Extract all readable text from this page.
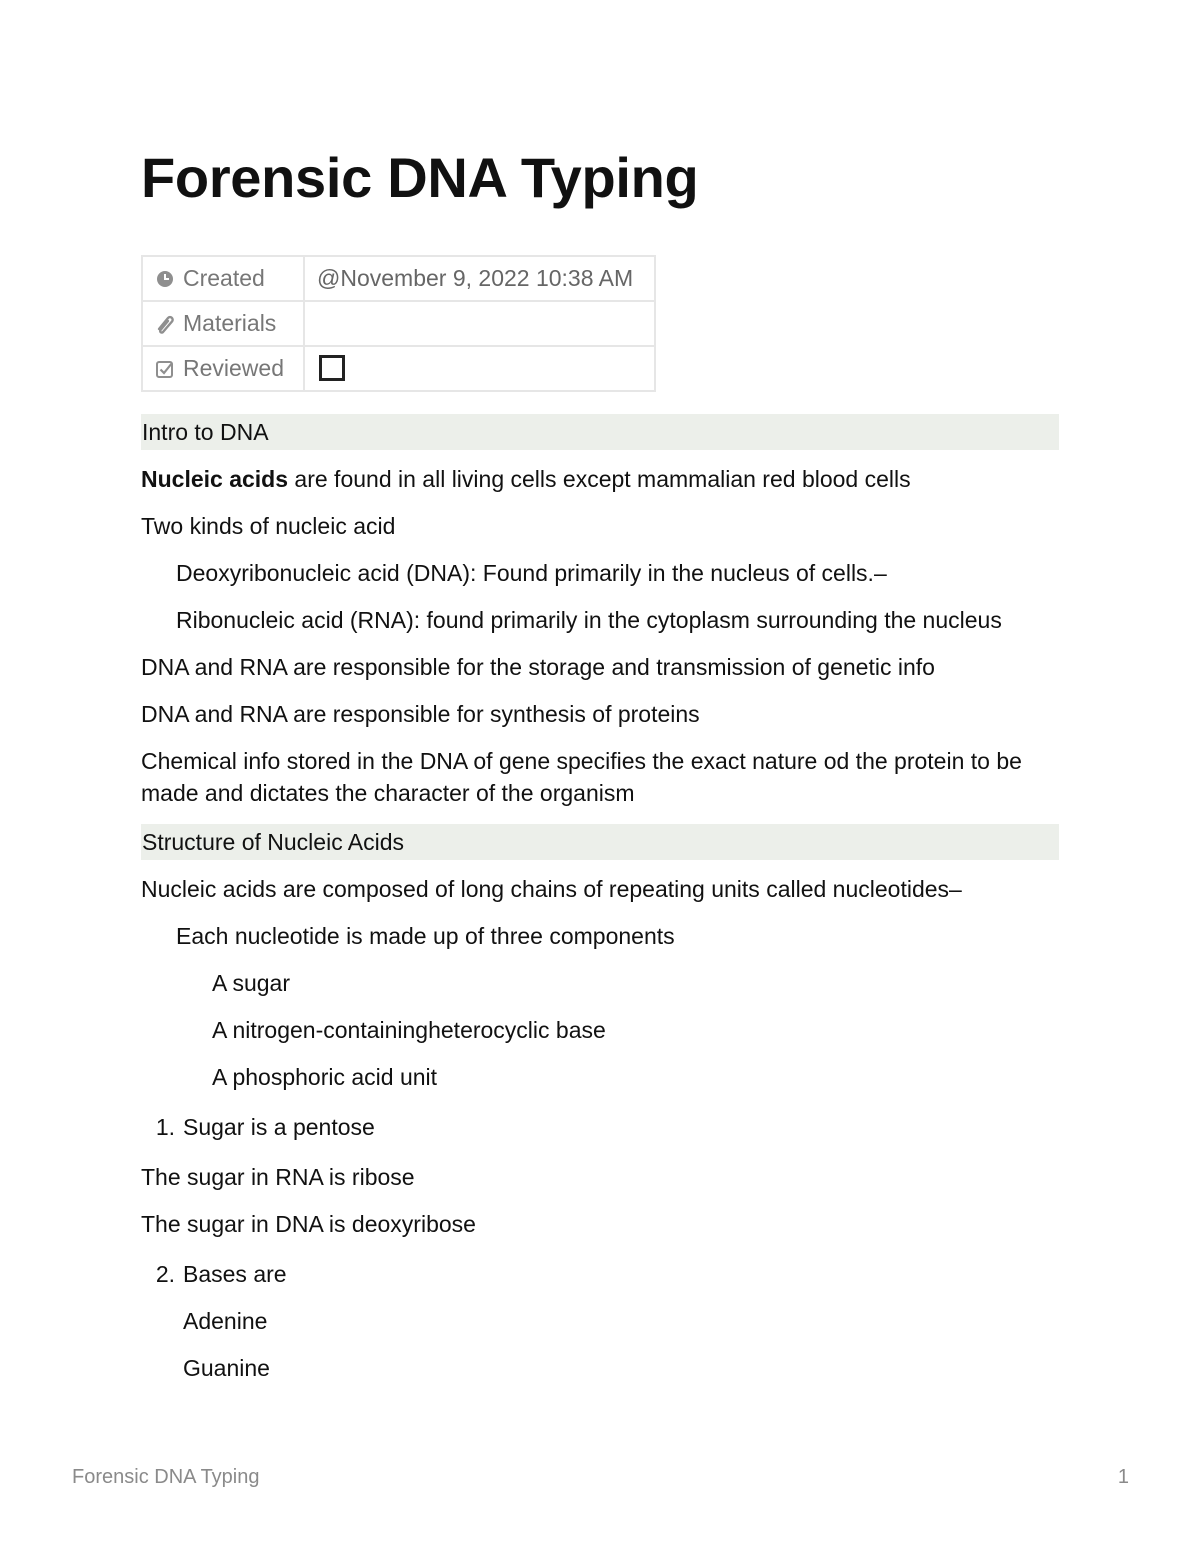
Forensic DNA Typing
Created	@November 9, 2022 10:38 AM
Materials	
Reviewed	
Intro to DNA
Nucleic acids are found in all living cells except mammalian red blood cells
Two kinds of nucleic acid
Deoxyribonucleic acid (DNA): Found primarily in the nucleus of cells.–
Ribonucleic acid (RNA): found primarily in the cytoplasm surrounding the nucleus
DNA and RNA are responsible for the storage and transmission of genetic info
DNA and RNA are responsible for synthesis of proteins
Chemical info stored in the DNA of gene specifies the exact nature od the protein to be made and dictates the character of the organism
Structure of Nucleic Acids
Nucleic acids are composed of long chains of repeating units called nucleotides–
Each nucleotide is made up of three components
A sugar
A nitrogen-containingheterocyclic base
A phosphoric acid unit
1. Sugar is a pentose
The sugar in RNA is ribose
The sugar in DNA is deoxyribose
2. Bases are
Adenine
Guanine
Forensic DNA Typing	1
